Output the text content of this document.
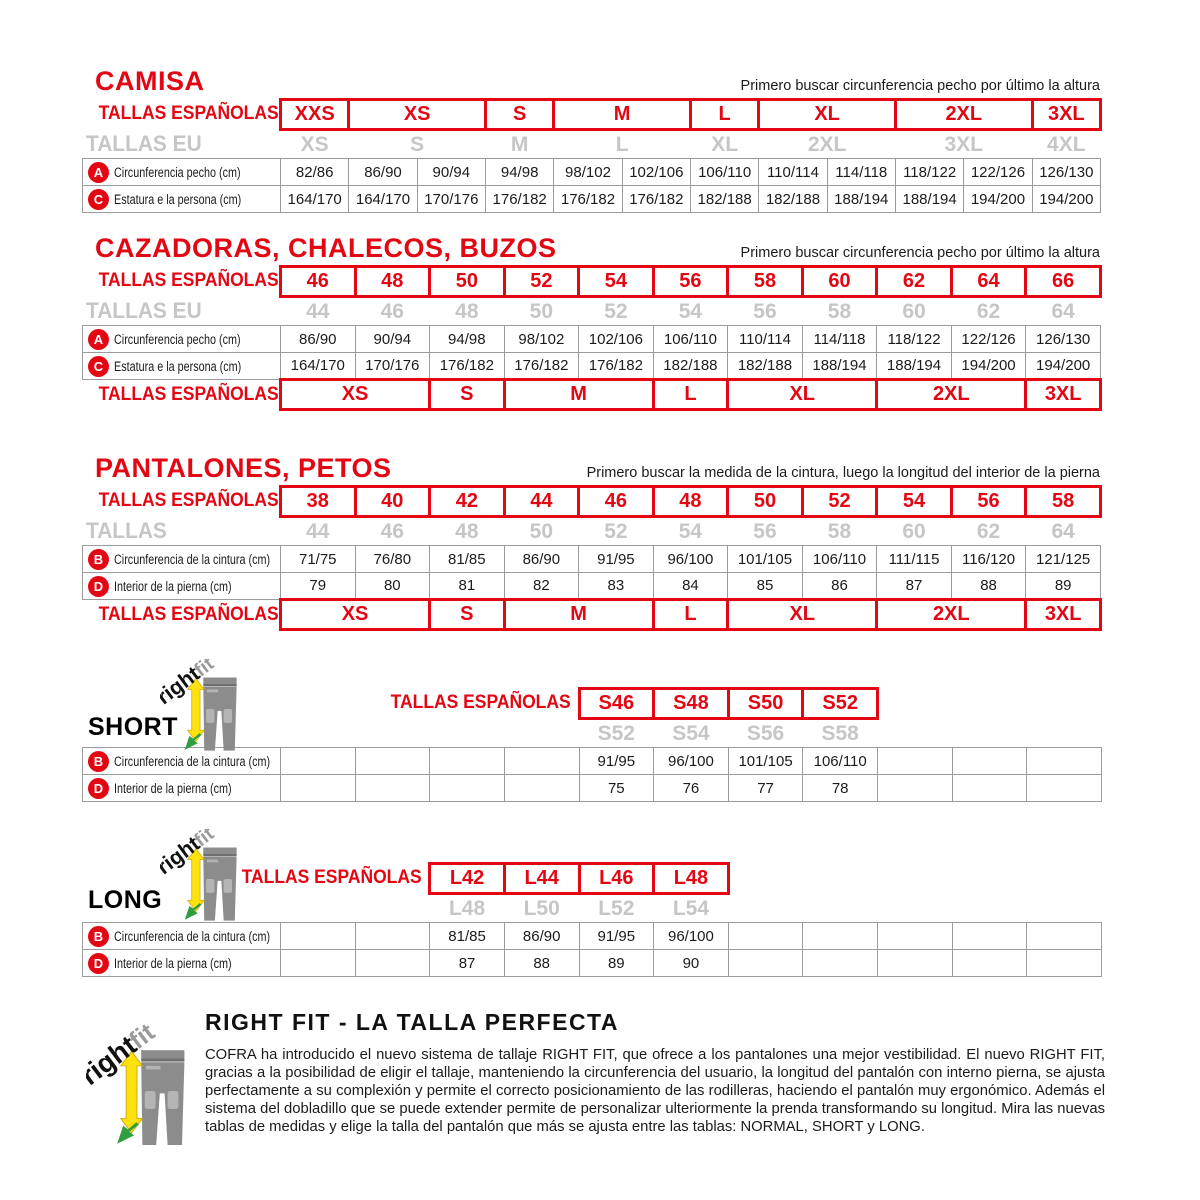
CAMISA	Primero buscar circunferencia pecho por último la altura
TALLAS ESPAÑOLAS	XXS	XS		S	M		L	XL		2XL		3XL
TALLAS EU	XS	S		M	L		XL	2XL		3XL		4XL
A Circunferencia pecho (cm)	82/86	86/90	90/94	94/98	98/102	102/106	106/110	110/114	114/118	118/122	122/126	126/130
C Estatura e la persona (cm)	164/170	164/170	170/176	176/182	176/182	176/182	182/188	182/188	188/194	188/194	194/200	194/200
CAZADORAS, CHALECOS, BUZOS	Primero buscar circunferencia pecho por último la altura
TALLAS ESPAÑOLAS	46	48	50	52	54	56	58	60	62	64	66
TALLAS EU	44	46	48	50	52	54	56	58	60	62	64
A Circunferencia pecho (cm)	86/90	90/94	94/98	98/102	102/106	106/110	110/114	114/118	118/122	122/126	126/130
C Estatura e la persona (cm)	164/170	170/176	176/182	176/182	176/182	182/188	182/188	188/194	188/194	194/200	194/200
TALLAS ESPAÑOLAS	XS		S	M		L	XL		2XL		3XL
PANTALONES, PETOS	Primero buscar la medida de la cintura, luego la longitud del interior de la pierna
TALLAS ESPAÑOLAS	38	40	42	44	46	48	50	52	54	56	58
TALLAS	44	46	48	50	52	54	56	58	60	62	64
B Circunferencia de la cintura (cm)	71/75	76/80	81/85	86/90	91/95	96/100	101/105	106/110	111/115	116/120	121/125
D Interior de la pierna (cm)	79	80	81	82	83	84	85	86	87	88	89
TALLAS ESPAÑOLAS	XS		S	M		L	XL		2XL		3XL
SHORT
TALLAS ESPAÑOLAS					S46	S48	S50	S52			
					S52	S54	S56	S58			
B Circunferencia de la cintura (cm)					91/95	96/100	101/105	106/110			
D Interior de la pierna (cm)					75	76	77	78			
LONG
TALLAS ESPAÑOLAS			L42	L44	L46	L48					
			L48	L50	L52	L54					
B Circunferencia de la cintura (cm)			81/85	86/90	91/95	96/100					
D Interior de la pierna (cm)			87	88	89	90					
RIGHT FIT - LA TALLA PERFECTA
COFRA ha introducido el nuevo sistema de tallaje RIGHT FIT, que ofrece a los pantalones una mejor vestibilidad. El nuevo RIGHT FIT, gracias a la posibilidad de eligir el tallaje, manteniendo la circunferencia del usuario, la longitud del pantalón con interno pierna, se ajusta perfectamente a su complexión y permite el correcto posicionamiento de las rodilleras, haciendo el pantalón muy ergonómico. Además el sistema del dobladillo que se puede extender permite de personalizar ulteriormente la prenda transformando su longitud. Mira las nuevas tablas de medidas y elige la talla del pantalón que más se ajusta entre las tablas: NORMAL, SHORT y LONG.
